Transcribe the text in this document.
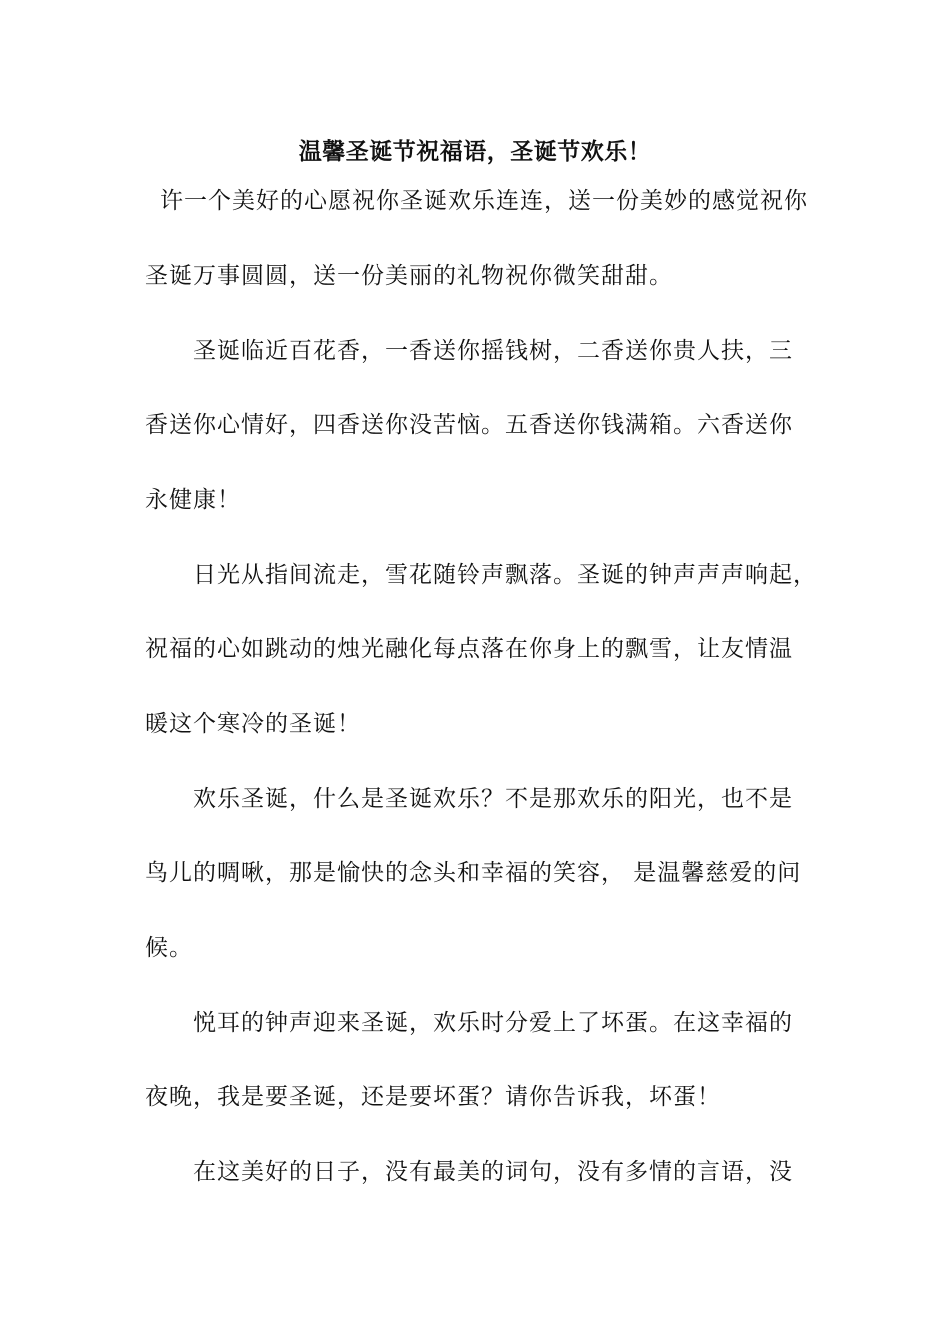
温馨圣诞节祝福语，圣诞节欢乐！

许一个美好的心愿祝你圣诞欢乐连连，送一份美妙的感觉祝你

圣诞万事圆圆，送一份美丽的礼物祝你微笑甜甜。

圣诞临近百花香，一香送你摇钱树，二香送你贵人扶，三

香送你心情好，四香送你没苦恼。五香送你钱满箱。六香送你

永健康！

日光从指间流走，雪花随铃声飘落。圣诞的钟声声声响起，

祝福的心如跳动的烛光融化每点落在你身上的飘雪，让友情温

暖这个寒冷的圣诞！

欢乐圣诞，什么是圣诞欢乐？不是那欢乐的阳光，也不是

鸟儿的啁啾，那是愉快的念头和幸福的笑容， 是温馨慈爱的问

候。

悦耳的钟声迎来圣诞，欢乐时分爱上了坏蛋。在这幸福的

夜晚，我是要圣诞，还是要坏蛋？请你告诉我，坏蛋！

在这美好的日子，没有最美的词句，没有多情的言语，没
